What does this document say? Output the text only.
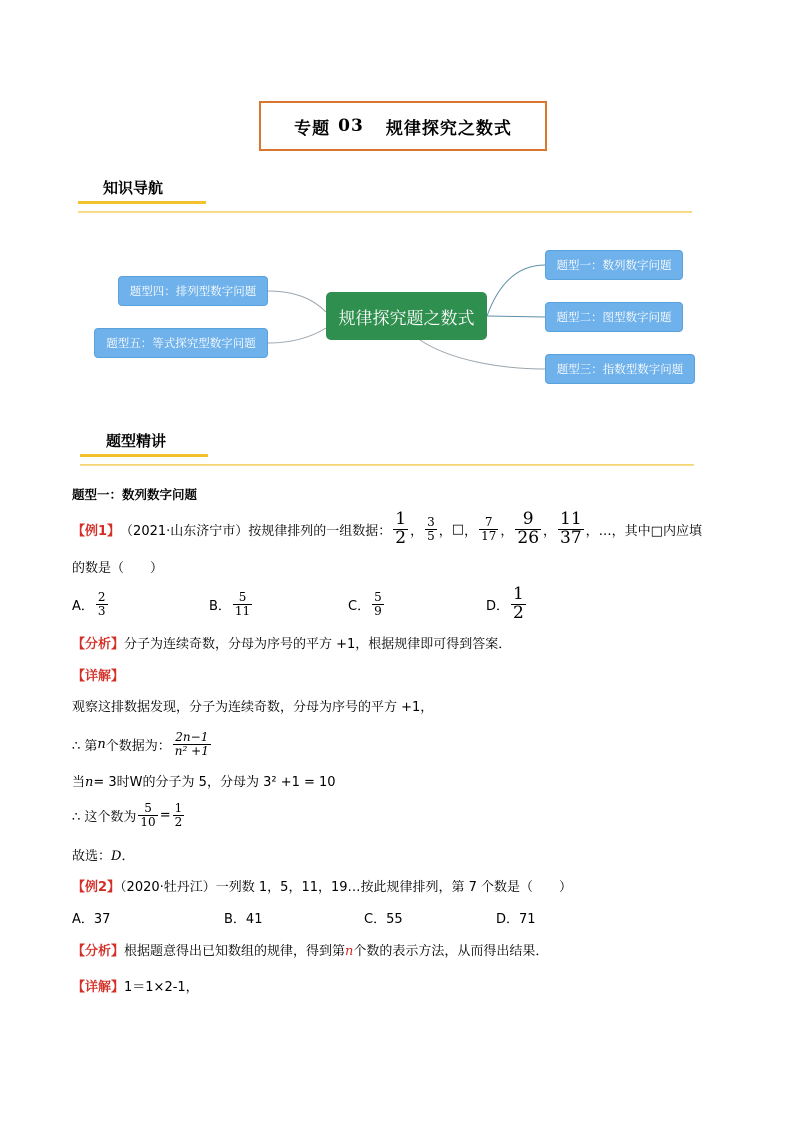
专题 03 规律探究之数式
知识导航
规律探究题之数式
题型一：数列数字问题
题型二：图型数字问题
题型三：指数型数字问题
题型四：排列型数字问题
题型五：等式探究型数字问题
题型精讲
题型一：数列数字问题
【例1】 （2021·山东济宁市）按规律排列的一组数据： $\frac{1}{2}$ ， $\frac{3}{5}$ ， □ ， $\frac{7}{17}$ ， $\frac{9}{26}$ ， $\frac{11}{37}$ ，…，其中□内应填
的数是（　　）
A． $\frac{2}{3}$	B． $\frac{5}{11}$	C． $\frac{5}{9}$	D． $\frac{1}{2}$
【分析】分子为连续奇数，分母为序号的平方 +1，根据规律即可得到答案．
【详解】
观察这排数据发现，分子为连续奇数，分母为序号的平方 +1，
∴ 第 n 个数据为： $\frac{2n-1}{\text{n² +1}}$
当n= 3时W的分子为 5，分母为 3² +1 = 10
∴ 这个数为 $\frac{5}{10} = \frac{1}{2}$
故选：D．
【例2】（2020·牡丹江）一列数 1，5，11，19…按此规律排列，第 7 个数是（　　）
A．37	B．41	C．55	D．71
【分析】根据题意得出已知数组的规律，得到第n个数的表示方法，从而得出结果．
【详解】1＝1×2-1，
